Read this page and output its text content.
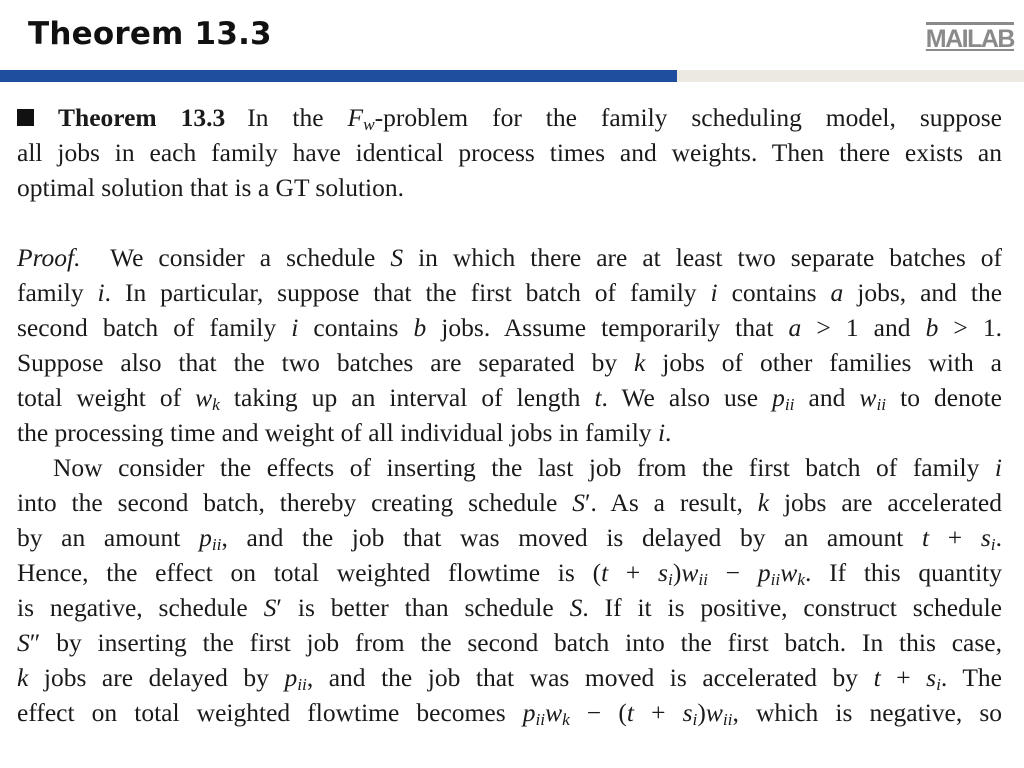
Theorem 13.3	MAILAB
Theorem 13.3 In the $F_w$-problem for the family scheduling model, suppose
all jobs in each family have identical process times and weights. Then there exists an
optimal solution that is a GT solution.
Proof.  We consider a schedule S in which there are at least two separate batches of
family i. In particular, suppose that the first batch of family i contains a jobs, and the
second batch of family i contains b jobs. Assume temporarily that a > 1 and b > 1.
Suppose also that the two batches are separated by k jobs of other families with a
total weight of $w_k$ taking up an interval of length t. We also use $p_{ii}$ and $w_{ii}$ to denote
the processing time and weight of all individual jobs in family i.
Now consider the effects of inserting the last job from the first batch of family i
into the second batch, thereby creating schedule S′. As a result, k jobs are accelerated
by an amount $p_{ii}$, and the job that was moved is delayed by an amount $t + s_i$.
Hence, the effect on total weighted flowtime is $(t + s_i)w_{ii} - p_{ii}w_k$. If this quantity
is negative, schedule S′ is better than schedule S. If it is positive, construct schedule
S″ by inserting the first job from the second batch into the first batch. In this case,
k jobs are delayed by $p_{ii}$, and the job that was moved is accelerated by $t + s_i$. The
effect on total weighted flowtime becomes $p_{ii}w_k - (t + s_i)w_{ii}$, which is negative, so
